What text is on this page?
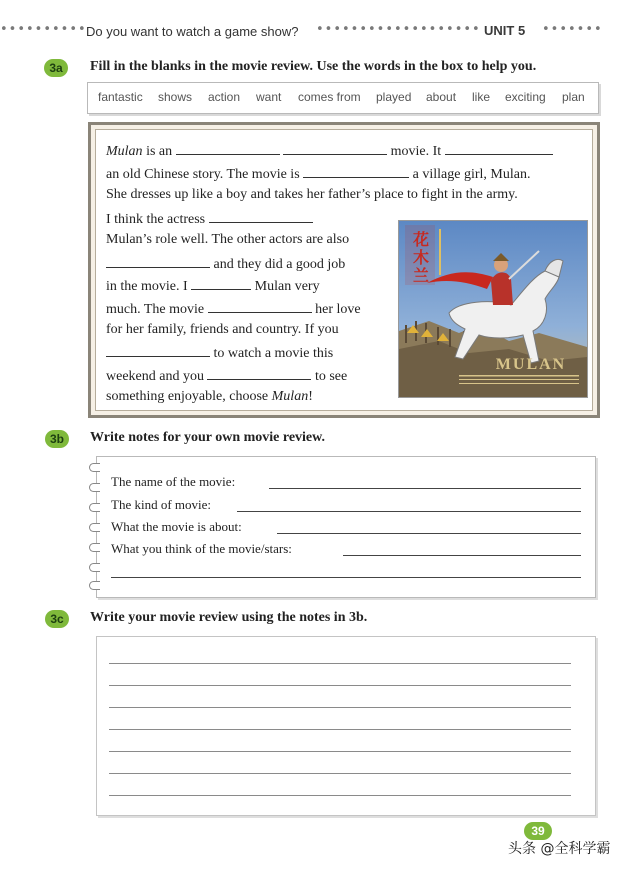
•••••••••• Do you want to watch a game show? ••••••••••••••••••• UNIT 5 •••••••
3a	Fill in the blanks in the movie review. Use the words in the box to help you.
fantastic shows action want comes from played about like exciting plan
Mulan is an	movie. It
an old Chinese story. The movie is	a village girl, Mulan.
She dresses up like a boy and takes her father’s place to fight in the army.
I think the actress
Mulan’s role well. The other actors are also
and they did a good job
in the movie. I	Mulan very
much. The movie	her love
for her family, friends and country. If you
to watch a movie this
weekend and you	to see
something enjoyable, choose Mulan!
花
木
兰
MULAN
3b	Write notes for your own movie review.
The name of the movie:
The kind of movie:
What the movie is about:
What you think of the movie/stars:
3c	Write your movie review using the notes in 3b.
39
头条 @全科学霸
